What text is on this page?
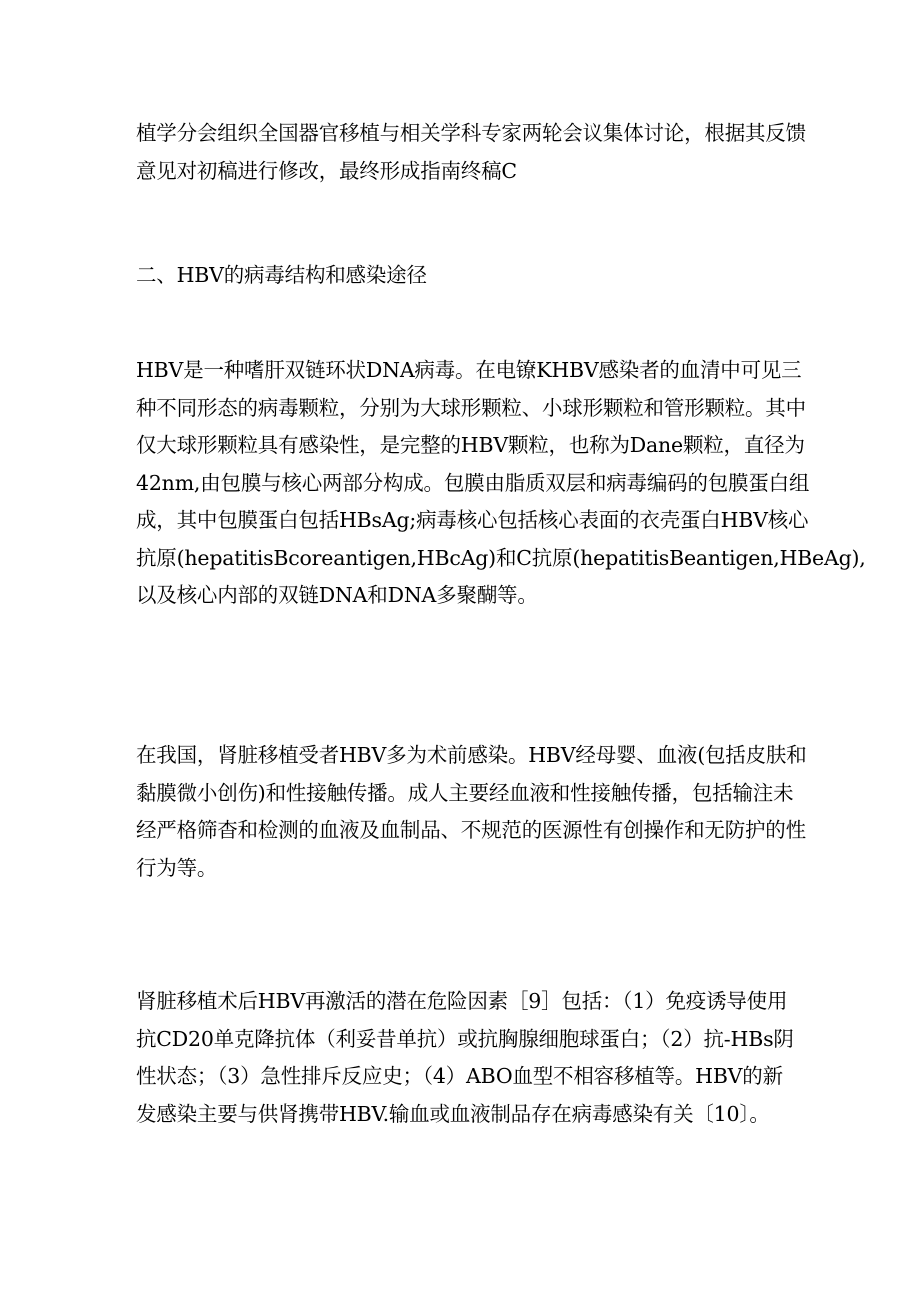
植学分会组织全国器官移植与相关学科专家两轮会议集体讨论，根据其反馈
意见对初稿进行修改，最终形成指南终稿C
二、HBV的病毒结构和感染途径
HBV是一种嗜肝双链环状DNA病毒。在电镣KHBV感染者的血清中可见三
种不同形态的病毒颗粒，分别为大球形颗粒、小球形颗粒和管形颗粒。其中
仅大球形颗粒具有感染性，是完整的HBV颗粒，也称为Dane颗粒，直径为
42nm,由包膜与核心两部分构成。包膜由脂质双层和病毒编码的包膜蛋白组
成，其中包膜蛋白包括HBsAg;病毒核心包括核心表面的衣壳蛋白HBV核心
抗原(hepatitisBcoreantigen,HBcAg)和C抗原(hepatitisBeantigen,HBeAg),
以及核心内部的双链DNA和DNA多聚醐等。
在我国，肾脏移植受者HBV多为术前感染。HBV经母婴、血液(包括皮肤和
黏膜微小创伤)和性接触传播。成人主要经血液和性接触传播，包括输注未
经严格筛杳和检测的血液及血制品、不规范的医源性有创操作和无防护的性
行为等。
肾脏移植术后HBV再激活的潜在危险因素［9］包括：（1）免疫诱导使用
抗CD20单克降抗体（利妥昔单抗）或抗胸腺细胞球蛋白；（2）抗-HBs阴
性状态；（3）急性排斥反应史；（4）ABO血型不相容移植等。HBV的新
发感染主要与供肾携带HBV.输血或血液制品存在病毒感染有关〔10〕。
